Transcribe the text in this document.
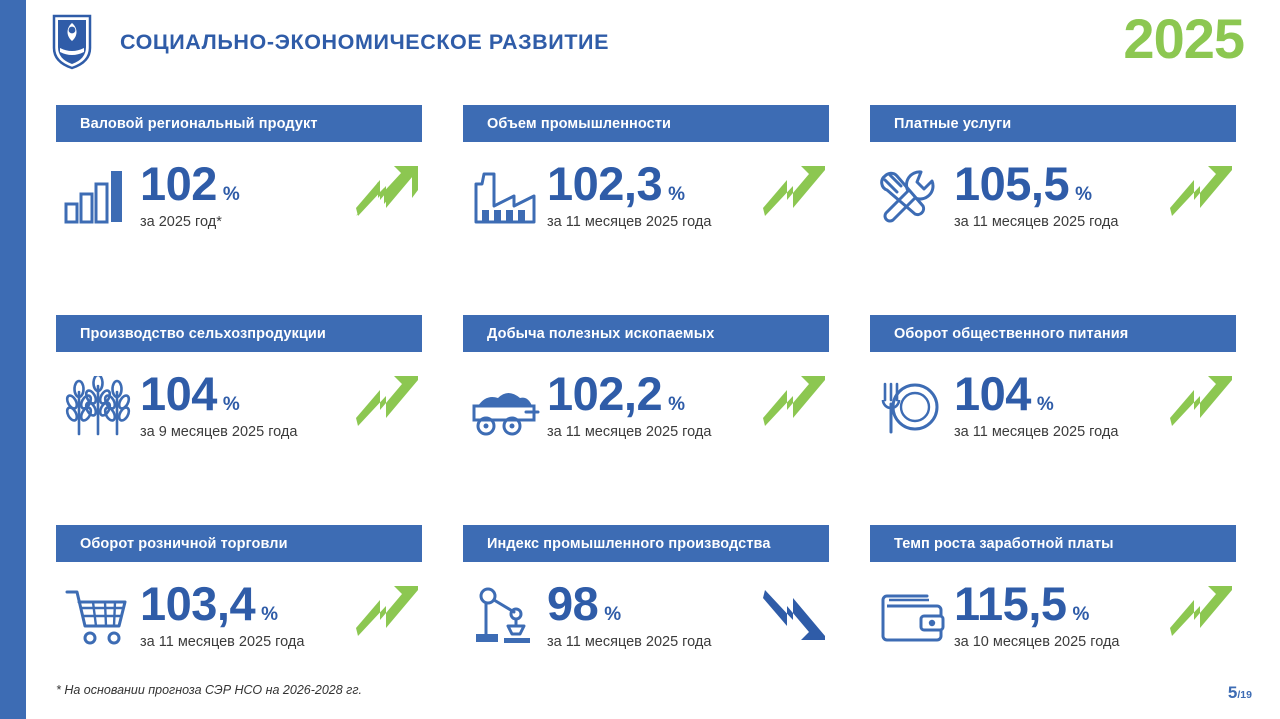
СОЦИАЛЬНО-ЭКОНОМИЧЕСКОЕ РАЗВИТИЕ	2025
Валовой региональный продукт
102 %
за 2025 год*
Объем промышленности
102,3 %
за 11 месяцев 2025 года
Платные услуги
105,5 %
за 11 месяцев 2025 года
Производство сельхозпродукции
104 %
за 9 месяцев 2025 года
Добыча полезных ископаемых
102,2 %
за 11 месяцев 2025 года
Оборот общественного питания
104 %
за 11 месяцев 2025 года
Оборот розничной торговли
103,4 %
за 11 месяцев 2025 года
Индекс промышленного производства
98 %
за 11 месяцев 2025 года
Темп роста заработной платы
115,5 %
за 10 месяцев 2025 года
* На основании прогноза СЭР НСО на 2026-2028 гг.	5/19
